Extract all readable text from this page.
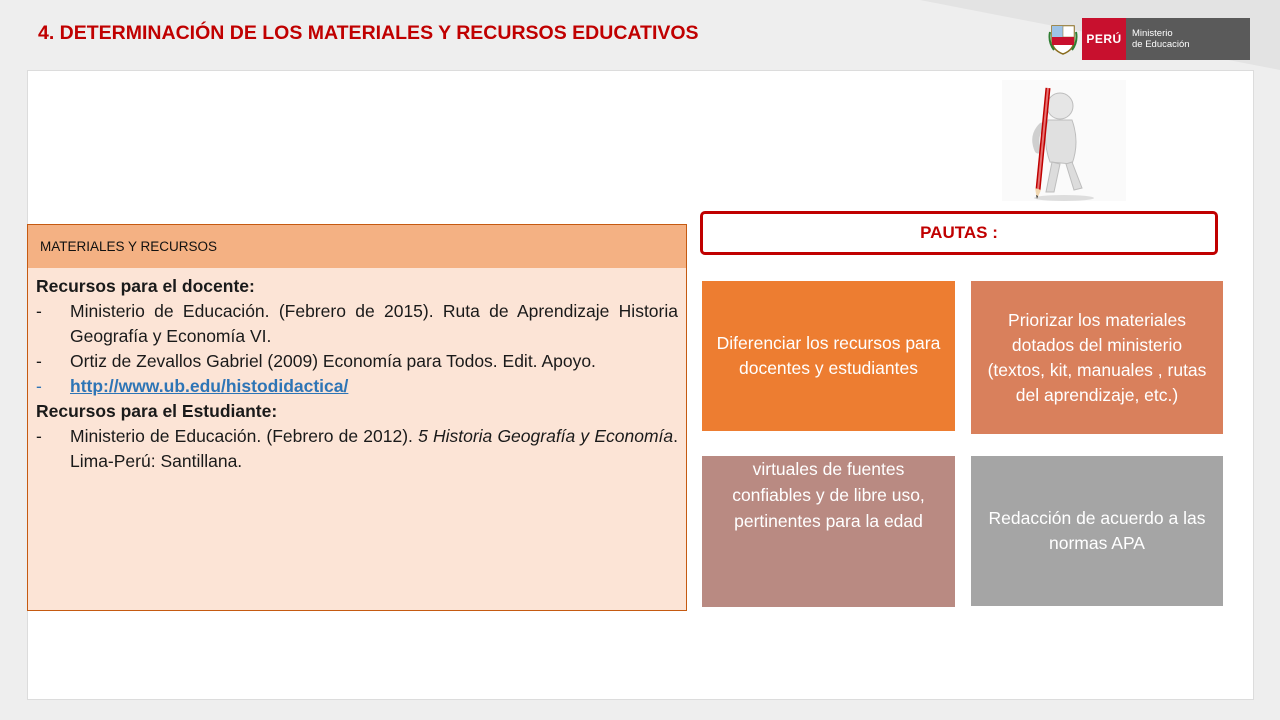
4. DETERMINACIÓN DE LOS MATERIALES Y RECURSOS EDUCATIVOS	PERÚ	Ministerio
de Educación
MATERIALES Y RECURSOS

Recursos para el docente:

-	Ministerio de Educación. (Febrero de 2015). Ruta de Aprendizaje Historia Geografía y Economía VI.
-	Ortiz de Zevallos Gabriel (2009) Economía para Todos. Edit. Apoyo.
-	http://www.ub.edu/histodidactica/

Recursos para el Estudiante:

-	Ministerio de Educación. (Febrero de 2012). 5 Historia Geografía y Economía. Lima-Perú: Santillana.
PAUTAS :
Diferenciar los recursos para docentes y estudiantes
Priorizar los materiales dotados del ministerio (textos, kit, manuales , rutas del aprendizaje, etc.)
virtuales de fuentes confiables y de libre uso, pertinentes para la edad	Redacción de acuerdo a las normas APA
